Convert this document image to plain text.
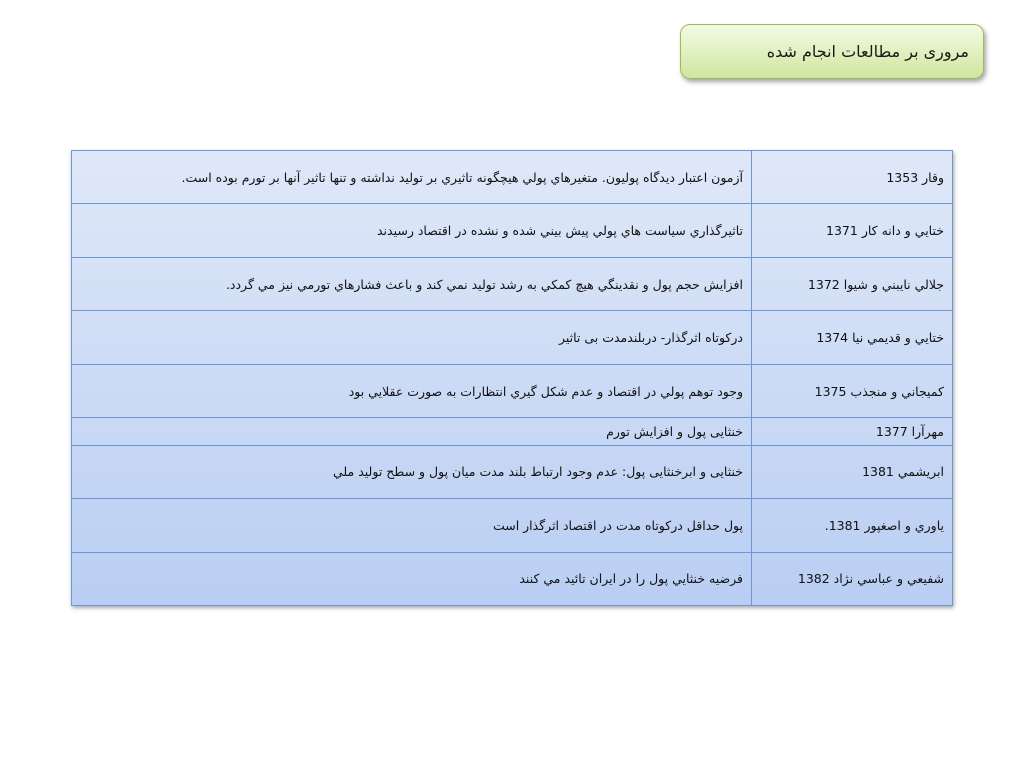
مروری بر مطالعات انجام شده
وقار 1353	آزمون اعتبار ديدگاه پوليون. متغيرهاي پولي هيچگونه تاثيري بر توليد نداشته و تنها تاثير آنها بر تورم بوده است.
ختايي و دانه كار 1371	تاثيرگذاري سياست هاي پولي پيش بيني شده و نشده در اقتصاد رسيدند
جلالي نايبني و شيوا 1372	افزايش حجم پول و نقدينگي هيچ كمكي به رشد توليد نمي كند و باعث فشارهاي تورمي نيز مي گردد.
ختايي و قديمي نيا 1374	دركوتاه اثرگذار- دربلندمدت بی تاثیر
كميجاني و منجذب 1375	وجود توهم پولي در اقتصاد و عدم شكل گيري انتظارات به صورت عقلايي بود
مهرآرا 1377	خنثايی پول و افزايش تورم
ابريشمي 1381	خنثايی و ابرخنثايی پول: عدم وجود ارتباط بلند مدت ميان پول و سطح توليد ملي
ياوري و اصغپور 1381.	پول حداقل دركوتاه مدت در اقتصاد اثرگذار است
شفيعي و عباسي نژاد 1382	فرضيه خنثايي پول را در ايران تائيد مي كنند
